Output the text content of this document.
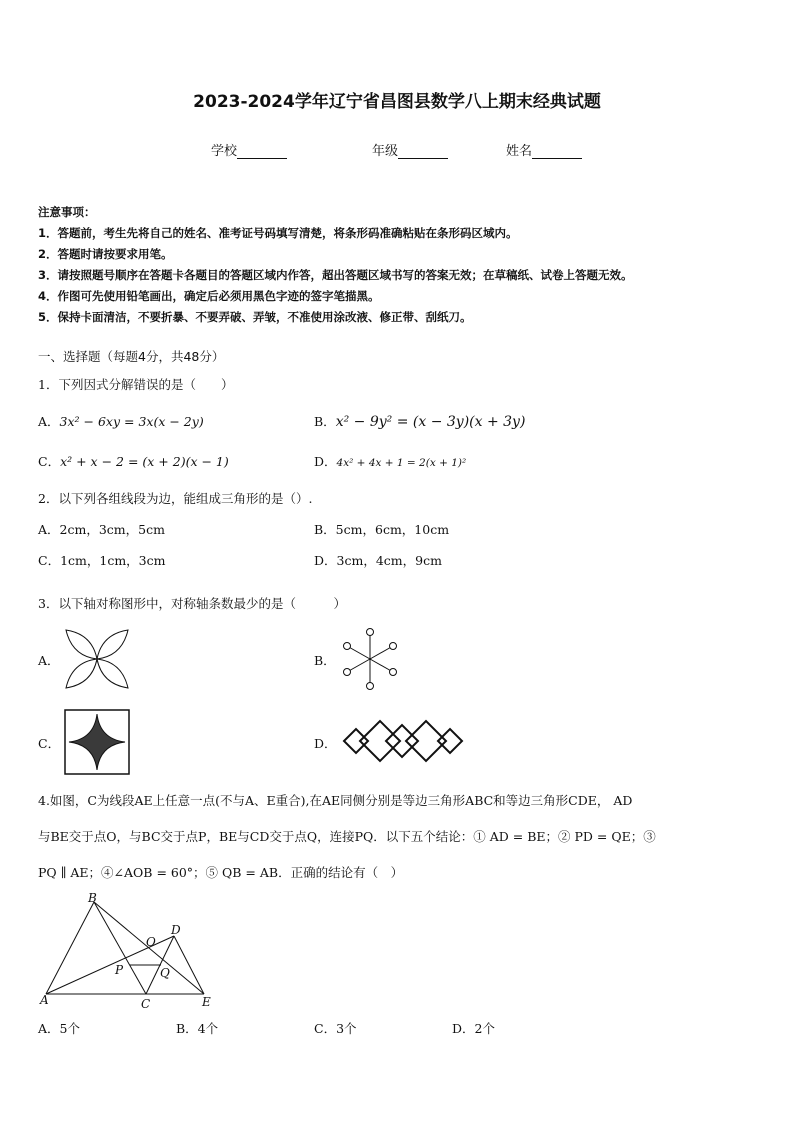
2023-2024学年辽宁省昌图县数学八上期末经典试题
学校	年级	姓名
注意事项：
1．答题前，考生先将自己的姓名、准考证号码填写清楚，将条形码准确粘贴在条形码区域内。
2．答题时请按要求用笔。
3．请按照题号顺序在答题卡各题目的答题区域内作答，超出答题区域书写的答案无效；在草稿纸、试卷上答题无效。
4．作图可先使用铅笔画出，确定后必须用黑色字迹的签字笔描黑。
5．保持卡面清洁，不要折暴、不要弄破、弄皱，不准使用涂改液、修正带、刮纸刀。
一、选择题（每题4分，共48分）
1．下列因式分解错误的是（　　）
A．3x² − 6xy = 3x(x − 2y)	B．x² − 9y² = (x − 3y)(x + 3y)
C．x² + x − 2 = (x + 2)(x − 1)	D．4x² + 4x + 1 = 2(x + 1)²
2．以下列各组线段为边，能组成三角形的是（）.
A．2cm，3cm，5cm	B．5cm，6cm，10cm
C．1cm，1cm，3cm	D．3cm，4cm，9cm
3．以下轴对称图形中，对称轴条数最少的是（　　　）
A．	B．
C．	D．
4.如图，C为线段AE上任意一点(不与A、E重合),在AE同侧分别是等边三角形ABC和等边三角形CDE， AD
与BE交于点O，与BC交于点P，BE与CD交于点Q，连接PQ．以下五个结论：① AD = BE；② PD = QE；③
PQ ∥ AE；④∠AOB = 60°；⑤ QB = AB．正确的结论有（　）
B
D
O
P	Q
A	C	E
A．5个	B．4个	C．3个	D．2个
